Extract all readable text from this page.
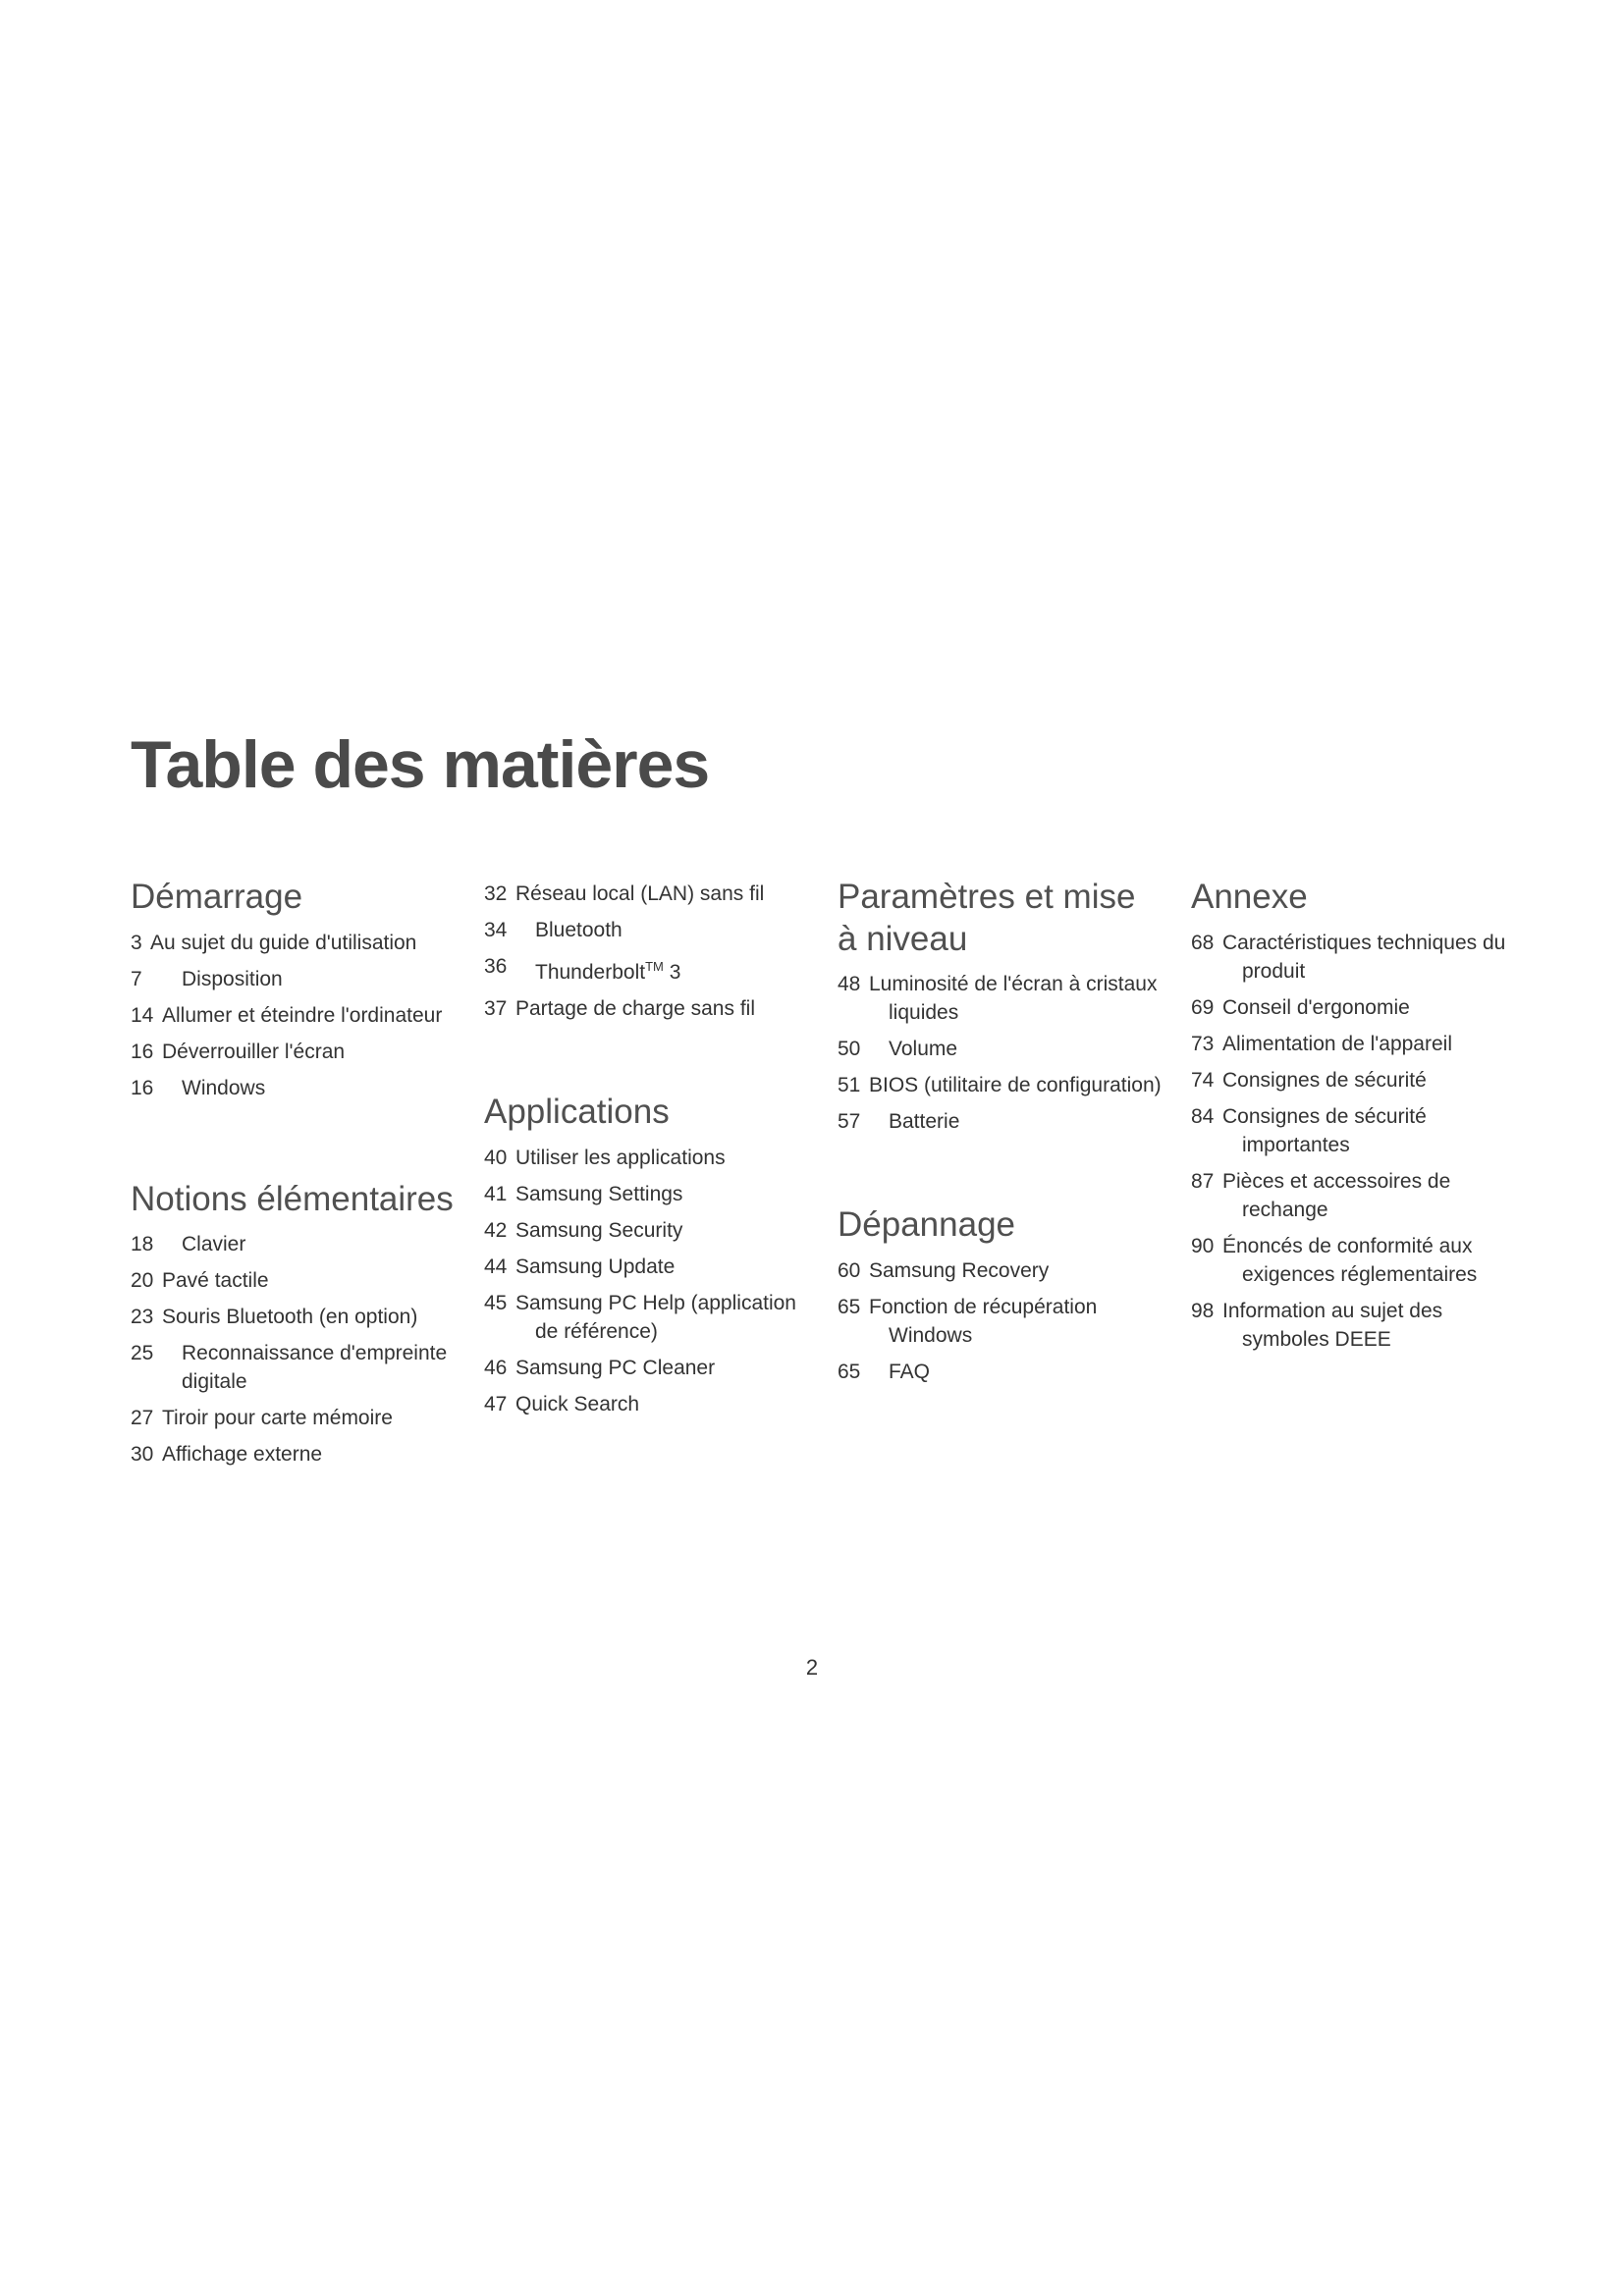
Table des matières
Démarrage
3 Au sujet du guide d'utilisation
7	Disposition
14 Allumer et éteindre l'ordinateur
16 Déverrouiller l'écran
16	Windows
Notions élémentaires
18	Clavier
20 Pavé tactile
23 Souris Bluetooth (en option)
25	Reconnaissance d'empreinte digitale
27 Tiroir pour carte mémoire
30 Affichage externe
32 Réseau local (LAN) sans fil
34	Bluetooth
36	Thunderbolt™ 3
37 Partage de charge sans fil
Applications
40 Utiliser les applications
41 Samsung Settings
42 Samsung Security
44 Samsung Update
45 Samsung PC Help (application de référence)
46 Samsung PC Cleaner
47 Quick Search
Paramètres et mise à niveau
48 Luminosité de l'écran à cristaux liquides
50	Volume
51 BIOS (utilitaire de configuration)
57	Batterie
Dépannage
60 Samsung Recovery
65 Fonction de récupération Windows
65	FAQ
Annexe
68 Caractéristiques techniques du produit
69 Conseil d'ergonomie
73 Alimentation de l'appareil
74 Consignes de sécurité
84 Consignes de sécurité importantes
87 Pièces et accessoires de rechange
90 Énoncés de conformité aux exigences réglementaires
98 Information au sujet des symboles DEEE
2
